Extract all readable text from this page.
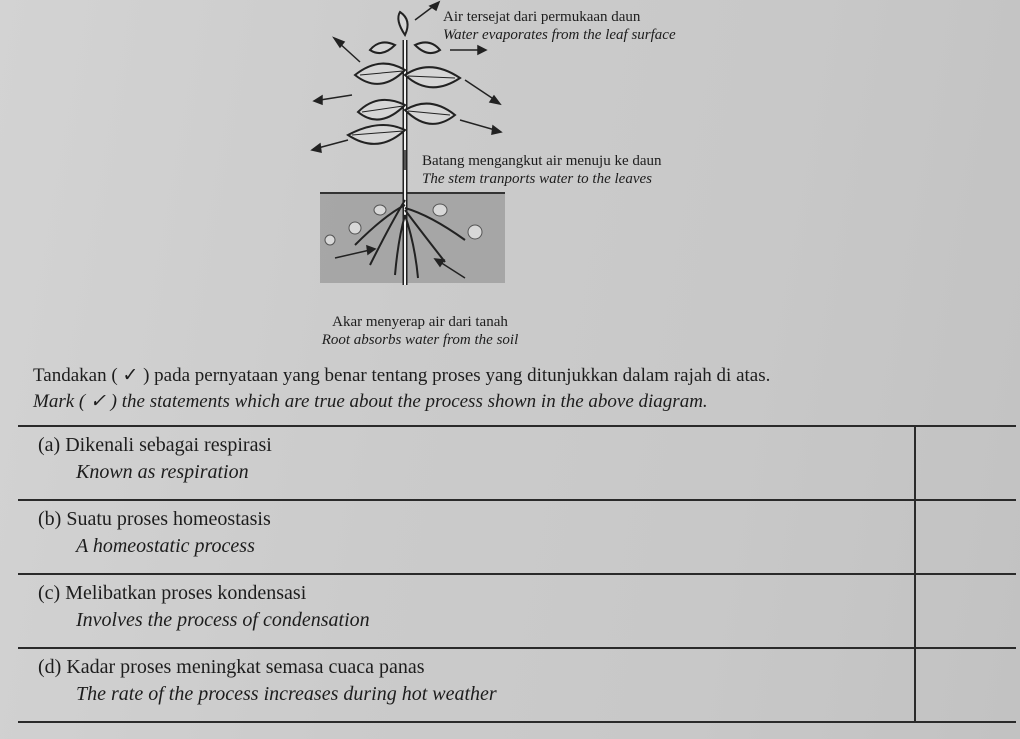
Air tersejat dari permukaan daun
Water evaporates from the leaf surface
Batang mengangkut air menuju ke daun
The stem tranports water to the leaves
Akar menyerap air dari tanah
Root absorbs water from the soil
Tandakan ( ✓ ) pada pernyataan yang benar tentang proses yang ditunjukkan dalam rajah di atas.
Mark ( ✓ ) the statements which are true about the process shown in the above diagram.
(a) Dikenali sebagai respirasi
Known as respiration	

(b) Suatu proses homeostasis
A homeostatic process	

(c) Melibatkan proses kondensasi
Involves the process of condensation	

(d) Kadar proses meningkat semasa cuaca panas
The rate of the process increases during hot weather	
